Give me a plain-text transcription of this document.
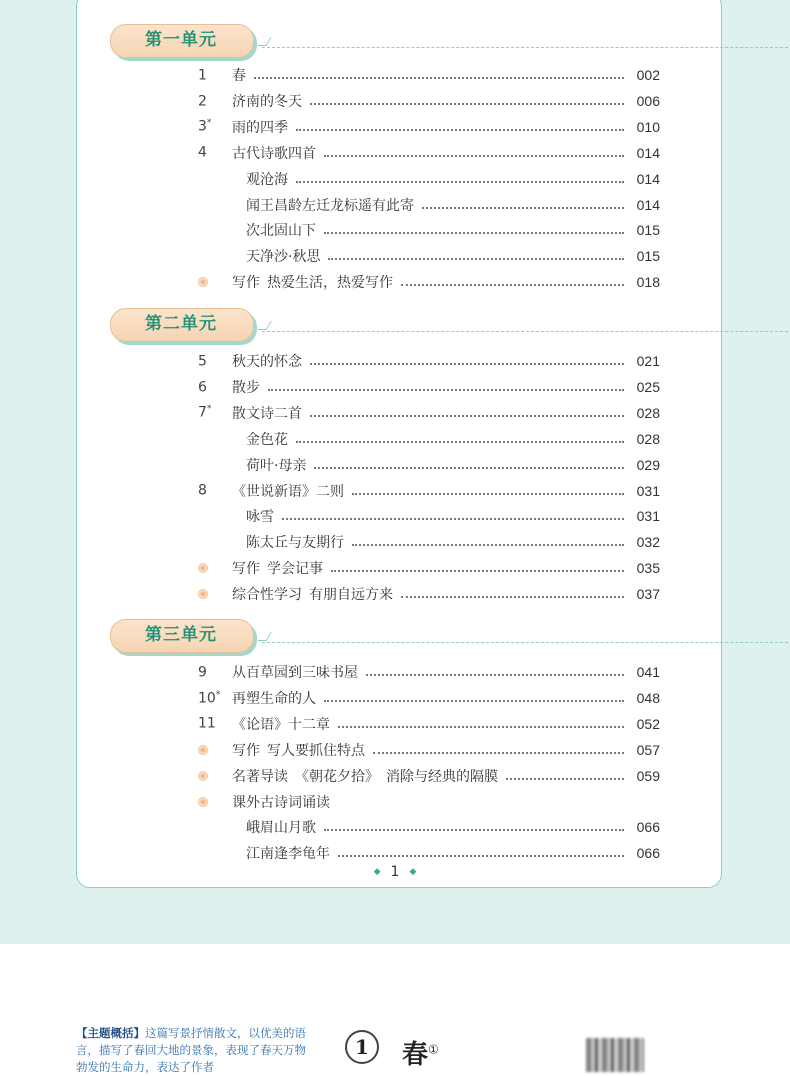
第一单元
1	春	002
2	济南的冬天	006
3*	雨的四季	010
4	古代诗歌四首	014
观沧海	014
闻王昌龄左迁龙标遥有此寄	014
次北固山下	015
天净沙·秋思	015
写作 热爱生活，热爱写作	018
第二单元
5	秋天的怀念	021
6	散步	025
7*	散文诗二首	028
金色花	028
荷叶·母亲	029
8	《世说新语》二则	031
咏雪	031
陈太丘与友期行	032
写作 学会记事	035
综合性学习 有朋自远方来	037
第三单元
9	从百草园到三味书屋	041
10* 再塑生命的人	048
11	《论语》十二章	052
写作 写人要抓住特点	057
名著导读 《朝花夕拾》　消除与经典的隔膜	059
课外古诗词诵读
峨眉山月歌	066
江南逢李龟年	066
◆ 1 ◆
【主题概括】这篇写景抒情散文，以优美的语言，描写了春回大地的景象，表现了春天万物勃发的生命力，表达了作者
1	春①
